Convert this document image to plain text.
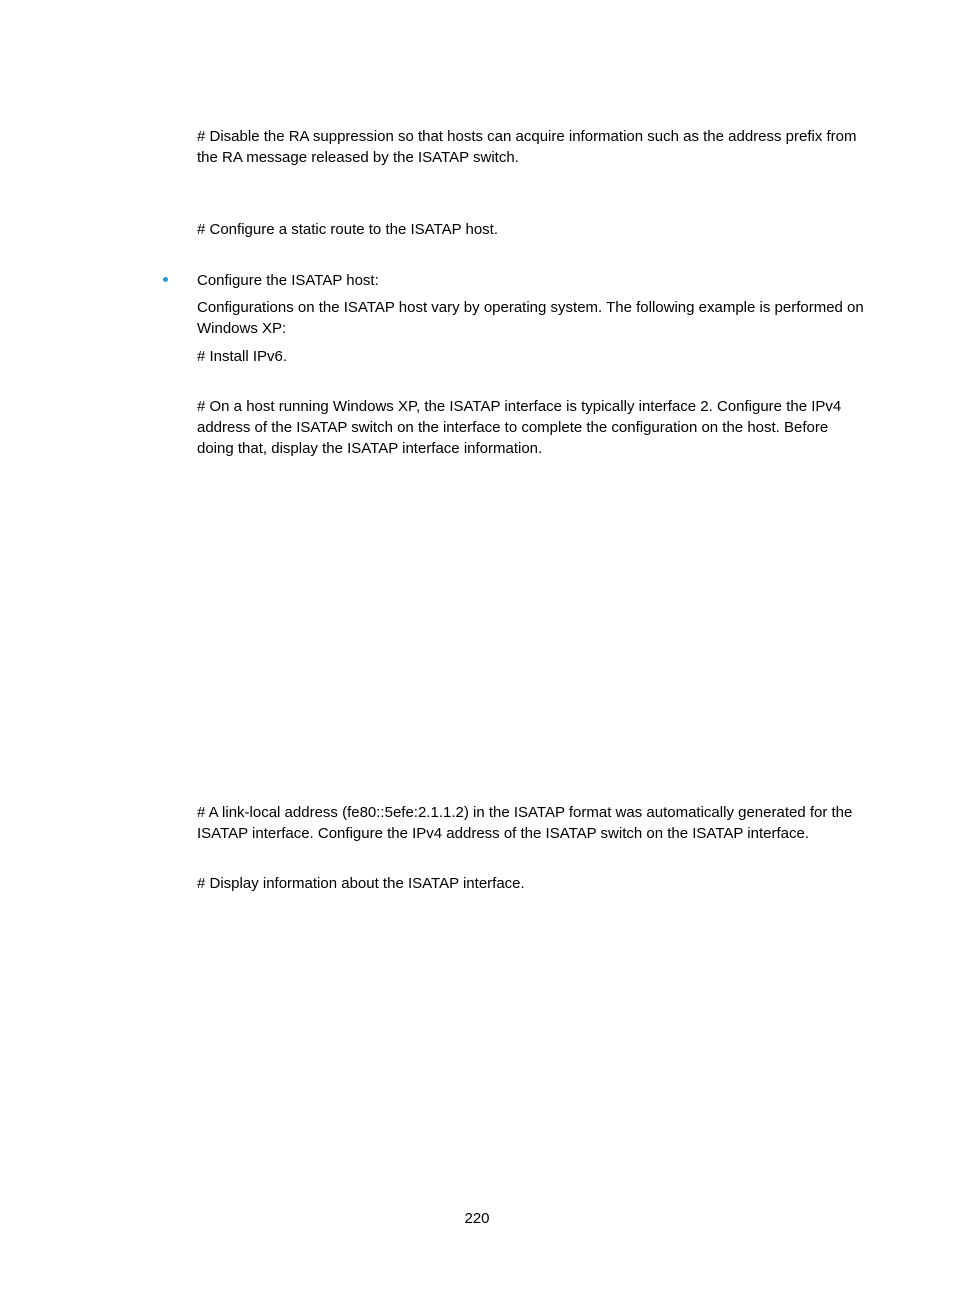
# Disable the RA suppression so that hosts can acquire information such as the address prefix from the RA message released by the ISATAP switch.

# Configure a static route to the ISATAP host.

Configure the ISATAP host:

Configurations on the ISATAP host vary by operating system. The following example is performed on Windows XP:

# Install IPv6.

# On a host running Windows XP, the ISATAP interface is typically interface 2. Configure the IPv4 address of the ISATAP switch on the interface to complete the configuration on the host. Before doing that, display the ISATAP interface information.

# A link-local address (fe80::5efe:2.1.1.2) in the ISATAP format was automatically generated for the ISATAP interface. Configure the IPv4 address of the ISATAP switch on the ISATAP interface.

# Display information about the ISATAP interface.

220
